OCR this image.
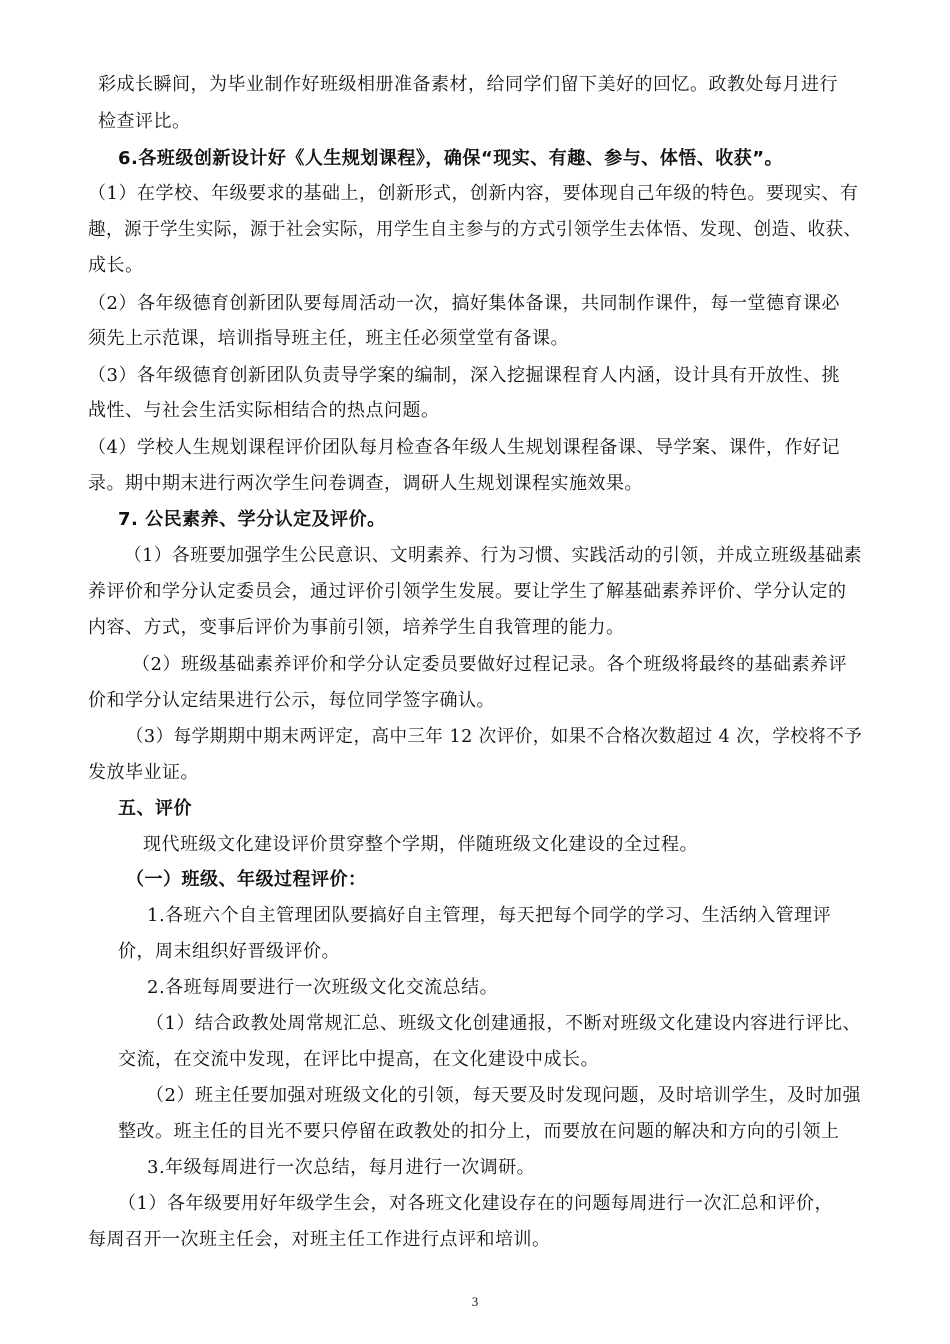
彩成长瞬间，为毕业制作好班级相册准备素材，给同学们留下美好的回忆。政教处每月进行
检查评比。
6.各班级创新设计好《人生规划课程》，确保“现实、有趣、参与、体悟、收获”。
（1）在学校、年级要求的基础上，创新形式，创新内容，要体现自己年级的特色。要现实、有
趣，源于学生实际，源于社会实际，用学生自主参与的方式引领学生去体悟、发现、创造、收获、
成长。
（2）各年级德育创新团队要每周活动一次，搞好集体备课，共同制作课件，每一堂德育课必
须先上示范课，培训指导班主任，班主任必须堂堂有备课。
（3）各年级德育创新团队负责导学案的编制，深入挖掘课程育人内涵，设计具有开放性、挑
战性、与社会生活实际相结合的热点问题。
（4）学校人生规划课程评价团队每月检查各年级人生规划课程备课、导学案、课件，作好记
录。期中期末进行两次学生问卷调查，调研人生规划课程实施效果。
7. 公民素养、学分认定及评价。
（1）各班要加强学生公民意识、文明素养、行为习惯、实践活动的引领，并成立班级基础素
养评价和学分认定委员会，通过评价引领学生发展。要让学生了解基础素养评价、学分认定的
内容、方式，变事后评价为事前引领，培养学生自我管理的能力。
（2）班级基础素养评价和学分认定委员要做好过程记录。各个班级将最终的基础素养评
价和学分认定结果进行公示，每位同学签字确认。
（3）每学期期中期末两评定，高中三年 12 次评价，如果不合格次数超过 4 次，学校将不予
发放毕业证。
五、评价
现代班级文化建设评价贯穿整个学期，伴随班级文化建设的全过程。
（一）班级、年级过程评价：
1.各班六个自主管理团队要搞好自主管理，每天把每个同学的学习、生活纳入管理评
价，周末组织好晋级评价。
2.各班每周要进行一次班级文化交流总结。
（1）结合政教处周常规汇总、班级文化创建通报，不断对班级文化建设内容进行评比、
交流，在交流中发现，在评比中提高，在文化建设中成长。
（2）班主任要加强对班级文化的引领，每天要及时发现问题，及时培训学生，及时加强
整改。班主任的目光不要只停留在政教处的扣分上，而要放在问题的解决和方向的引领上
3.年级每周进行一次总结，每月进行一次调研。
（1）各年级要用好年级学生会，对各班文化建设存在的问题每周进行一次汇总和评价，
每周召开一次班主任会，对班主任工作进行点评和培训。
3
